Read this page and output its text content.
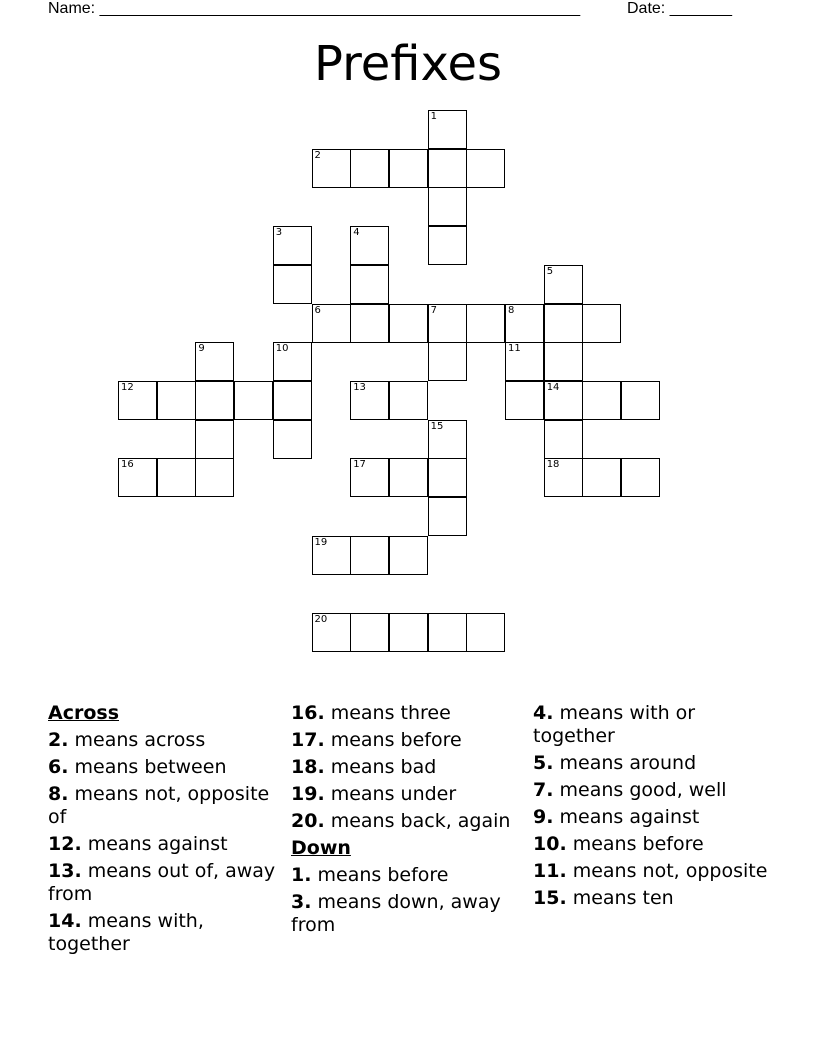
Name: ______________________________________________________	Date: _______
Prefixes
1
2
3	4
5
6	7	8
9	10	11
12	13	14
15
16	17	18
19
20
Across
2. means across
6. means between
8. means not, opposite of
12. means against
13. means out of, away from
14. means with, together
16. means three
17. means before
18. means bad
19. means under
20. means back, again
Down
1. means before
3. means down, away from
4. means with or together
5. means around
7. means good, well
9. means against
10. means before
11. means not, opposite
15. means ten
